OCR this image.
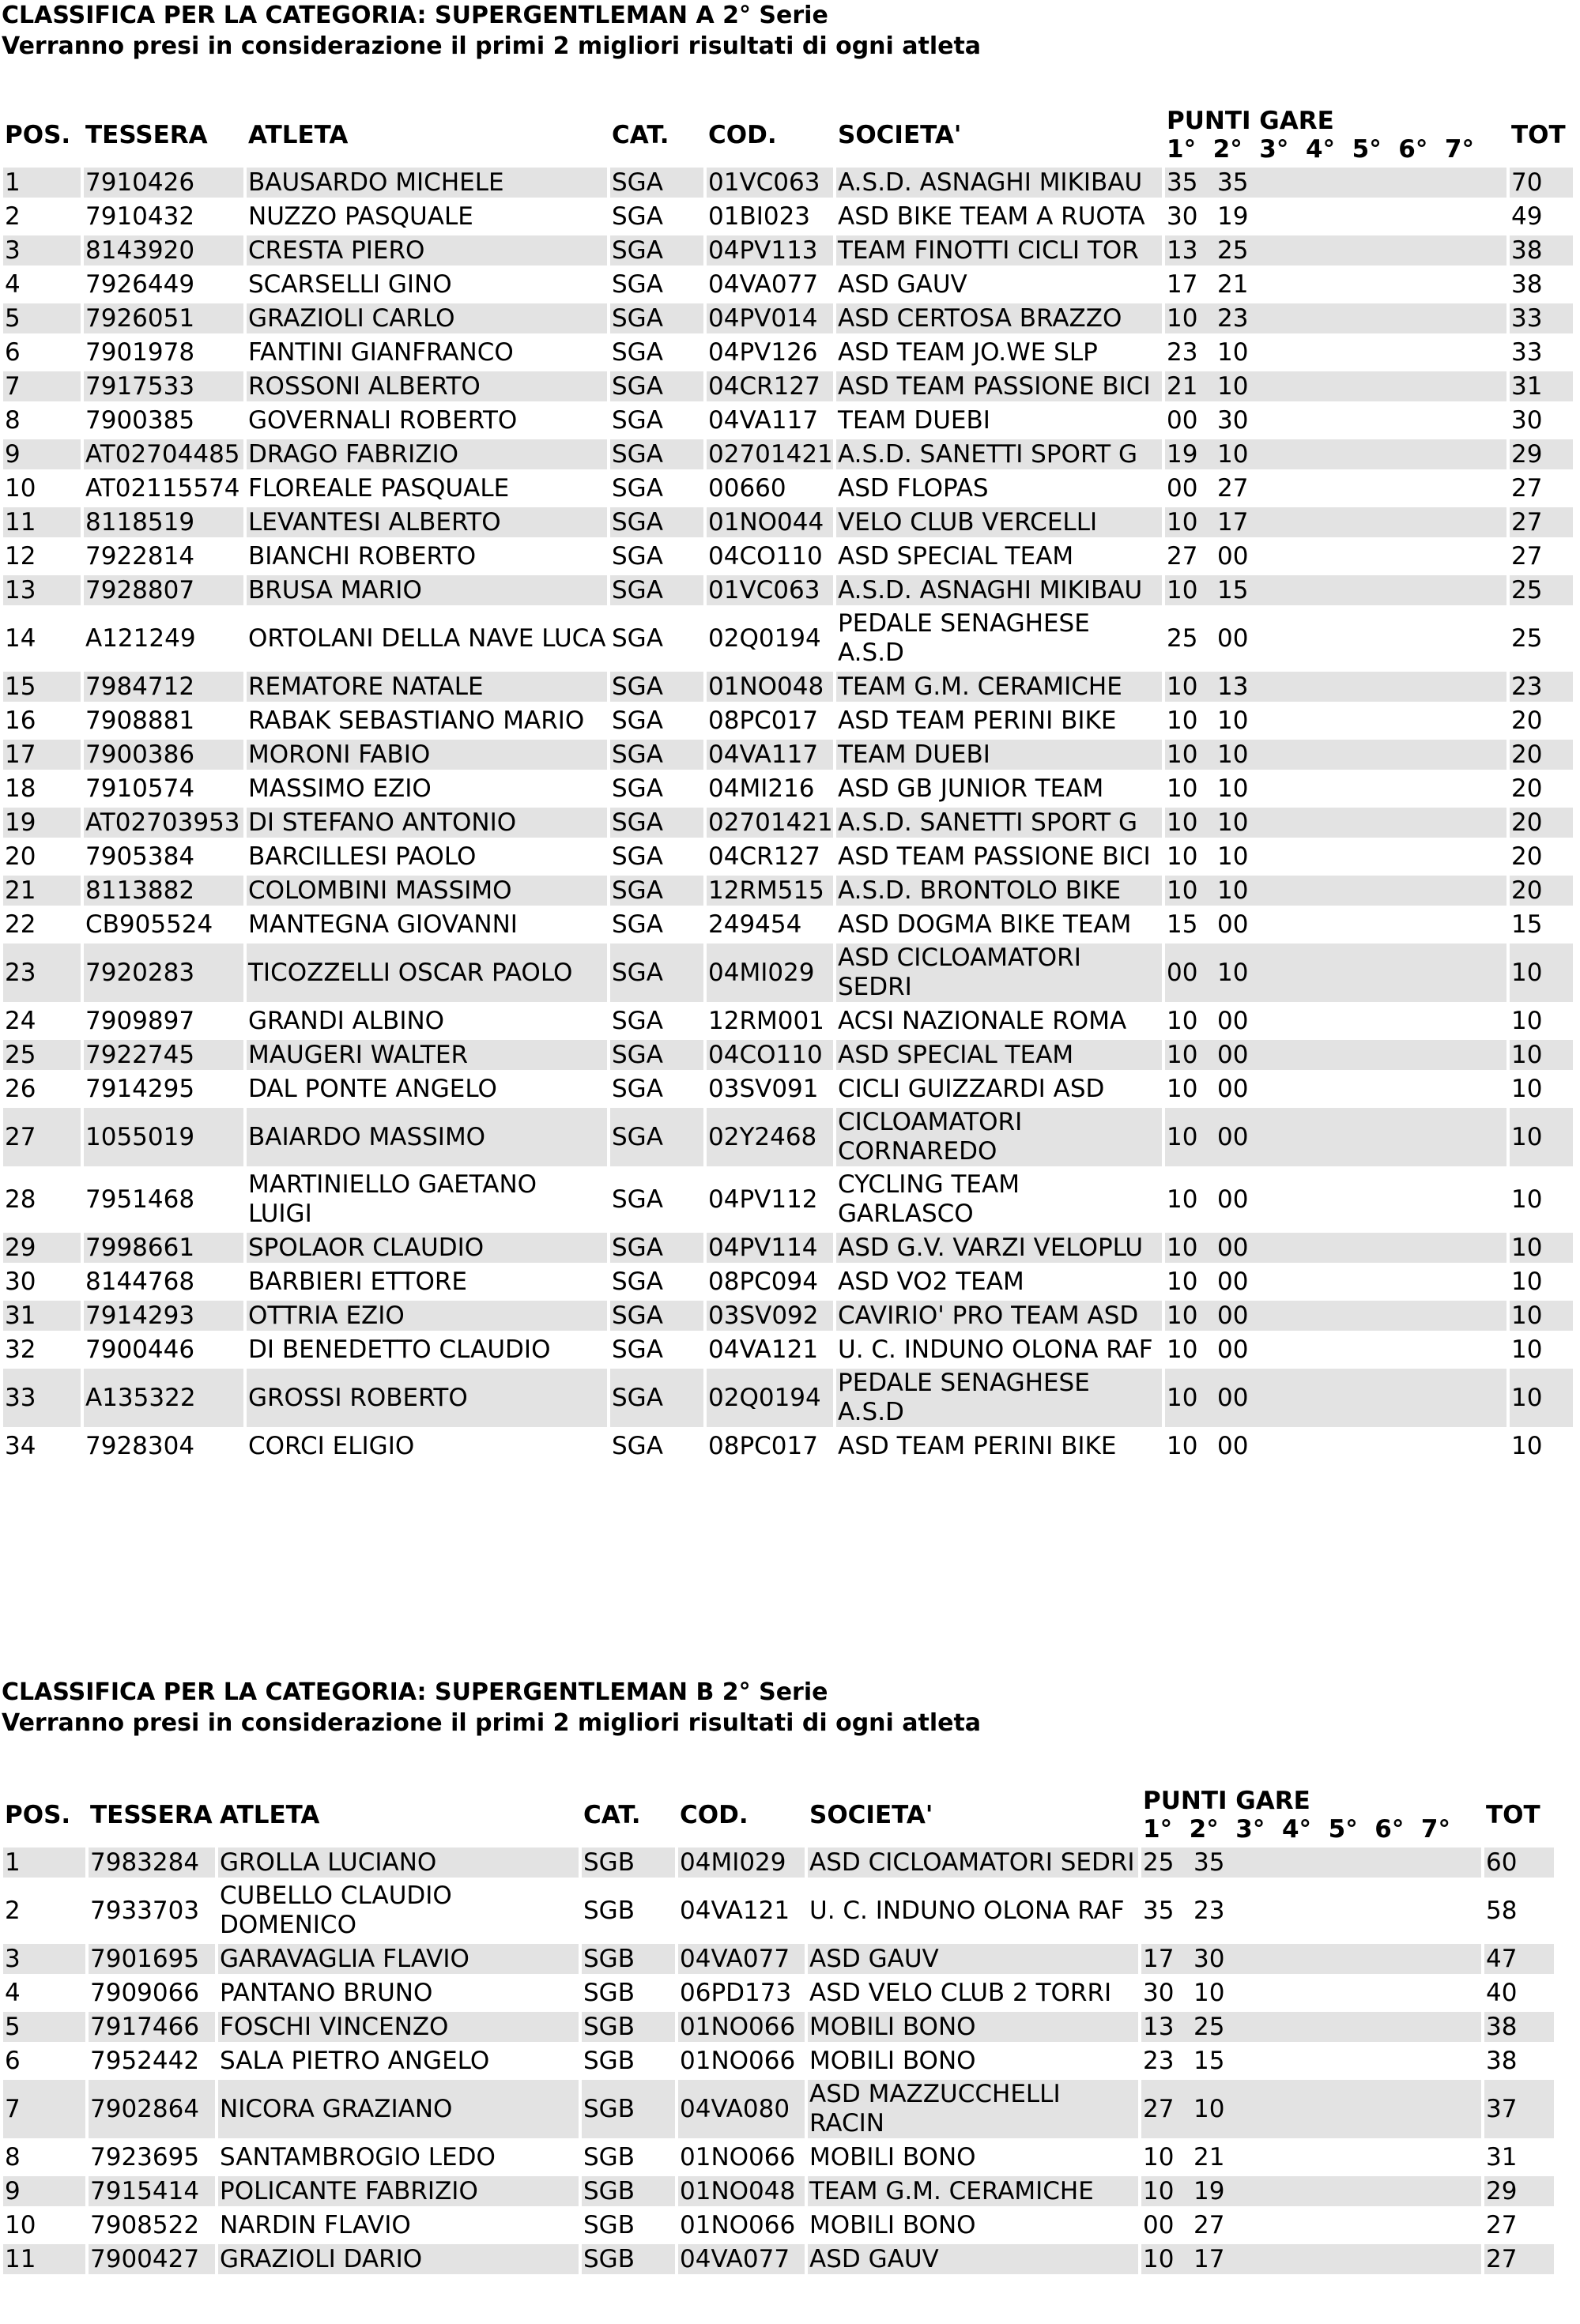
CLASSIFICA PER LA CATEGORIA: SUPERGENTLEMAN A 2° Serie
Verranno presi in considerazione il primi 2 migliori risultati di ogni atleta
POS.	TESSERA	ATLETA	CAT.	COD.	SOCIETA'	PUNTI GARE
1°  2°  3°  4°  5°  6°  7°	TOT
1	7910426	BAUSARDO MICHELE	SGA	01VC063	A.S.D. ASNAGHI MIKIBAU	35 35	70
2	7910432	NUZZO PASQUALE	SGA	01BI023	ASD BIKE TEAM A RUOTA	30 19	49
3	8143920	CRESTA PIERO	SGA	04PV113	TEAM FINOTTI CICLI TOR	13 25	38
4	7926449	SCARSELLI GINO	SGA	04VA077	ASD GAUV	17 21	38
5	7926051	GRAZIOLI CARLO	SGA	04PV014	ASD CERTOSA BRAZZO	10 23	33
6	7901978	FANTINI GIANFRANCO	SGA	04PV126	ASD TEAM JO.WE SLP	23 10	33
7	7917533	ROSSONI ALBERTO	SGA	04CR127	ASD TEAM PASSIONE BICI	21 10	31
8	7900385	GOVERNALI ROBERTO	SGA	04VA117	TEAM DUEBI	00 30	30
9	AT02704485	DRAGO FABRIZIO	SGA	02701421	A.S.D. SANETTI SPORT G	19 10	29
10	AT02115574	FLOREALE PASQUALE	SGA	00660	ASD FLOPAS	00 27	27
11	8118519	LEVANTESI ALBERTO	SGA	01NO044	VELO CLUB VERCELLI	10 17	27
12	7922814	BIANCHI ROBERTO	SGA	04CO110	ASD SPECIAL TEAM	27 00	27
13	7928807	BRUSA MARIO	SGA	01VC063	A.S.D. ASNAGHI MIKIBAU	10 15	25
14	A121249	ORTOLANI DELLA NAVE LUCA	SGA	02Q0194	PEDALE SENAGHESE A.S.D	25 00	25
15	7984712	REMATORE NATALE	SGA	01NO048	TEAM G.M. CERAMICHE	10 13	23
16	7908881	RABAK SEBASTIANO MARIO	SGA	08PC017	ASD TEAM PERINI BIKE	10 10	20
17	7900386	MORONI FABIO	SGA	04VA117	TEAM DUEBI	10 10	20
18	7910574	MASSIMO EZIO	SGA	04MI216	ASD GB JUNIOR TEAM	10 10	20
19	AT02703953	DI STEFANO ANTONIO	SGA	02701421	A.S.D. SANETTI SPORT G	10 10	20
20	7905384	BARCILLESI PAOLO	SGA	04CR127	ASD TEAM PASSIONE BICI	10 10	20
21	8113882	COLOMBINI MASSIMO	SGA	12RM515	A.S.D. BRONTOLO BIKE	10 10	20
22	CB905524	MANTEGNA GIOVANNI	SGA	249454	ASD DOGMA BIKE TEAM	15 00	15
23	7920283	TICOZZELLI OSCAR PAOLO	SGA	04MI029	ASD CICLOAMATORI SEDRI	00 10	10
24	7909897	GRANDI ALBINO	SGA	12RM001	ACSI NAZIONALE ROMA	10 00	10
25	7922745	MAUGERI WALTER	SGA	04CO110	ASD SPECIAL TEAM	10 00	10
26	7914295	DAL PONTE ANGELO	SGA	03SV091	CICLI GUIZZARDI ASD	10 00	10
27	1055019	BAIARDO MASSIMO	SGA	02Y2468	CICLOAMATORI CORNAREDO	10 00	10
28	7951468	MARTINIELLO GAETANO LUIGI	SGA	04PV112	CYCLING TEAM GARLASCO	10 00	10
29	7998661	SPOLAOR CLAUDIO	SGA	04PV114	ASD G.V. VARZI VELOPLU	10 00	10
30	8144768	BARBIERI ETTORE	SGA	08PC094	ASD VO2 TEAM	10 00	10
31	7914293	OTTRIA EZIO	SGA	03SV092	CAVIRIO' PRO TEAM ASD	10 00	10
32	7900446	DI BENEDETTO CLAUDIO	SGA	04VA121	U. C. INDUNO OLONA RAF	10 00	10
33	A135322	GROSSI ROBERTO	SGA	02Q0194	PEDALE SENAGHESE A.S.D	10 00	10
34	7928304	CORCI ELIGIO	SGA	08PC017	ASD TEAM PERINI BIKE	10 00	10
CLASSIFICA PER LA CATEGORIA: SUPERGENTLEMAN B 2° Serie
Verranno presi in considerazione il primi 2 migliori risultati di ogni atleta
POS.	TESSERA	ATLETA	CAT.	COD.	SOCIETA'	PUNTI GARE
1°  2°  3°  4°  5°  6°  7°	TOT
1	7983284	GROLLA LUCIANO	SGB	04MI029	ASD CICLOAMATORI SEDRI	25 35	60
2	7933703	CUBELLO CLAUDIO DOMENICO	SGB	04VA121	U. C. INDUNO OLONA RAF	35 23	58
3	7901695	GARAVAGLIA FLAVIO	SGB	04VA077	ASD GAUV	17 30	47
4	7909066	PANTANO BRUNO	SGB	06PD173	ASD VELO CLUB 2 TORRI	30 10	40
5	7917466	FOSCHI VINCENZO	SGB	01NO066	MOBILI BONO	13 25	38
6	7952442	SALA PIETRO ANGELO	SGB	01NO066	MOBILI BONO	23 15	38
7	7902864	NICORA GRAZIANO	SGB	04VA080	ASD MAZZUCCHELLI RACIN	27 10	37
8	7923695	SANTAMBROGIO LEDO	SGB	01NO066	MOBILI BONO	10 21	31
9	7915414	POLICANTE FABRIZIO	SGB	01NO048	TEAM G.M. CERAMICHE	10 19	29
10	7908522	NARDIN FLAVIO	SGB	01NO066	MOBILI BONO	00 27	27
11	7900427	GRAZIOLI DARIO	SGB	04VA077	ASD GAUV	10 17	27
